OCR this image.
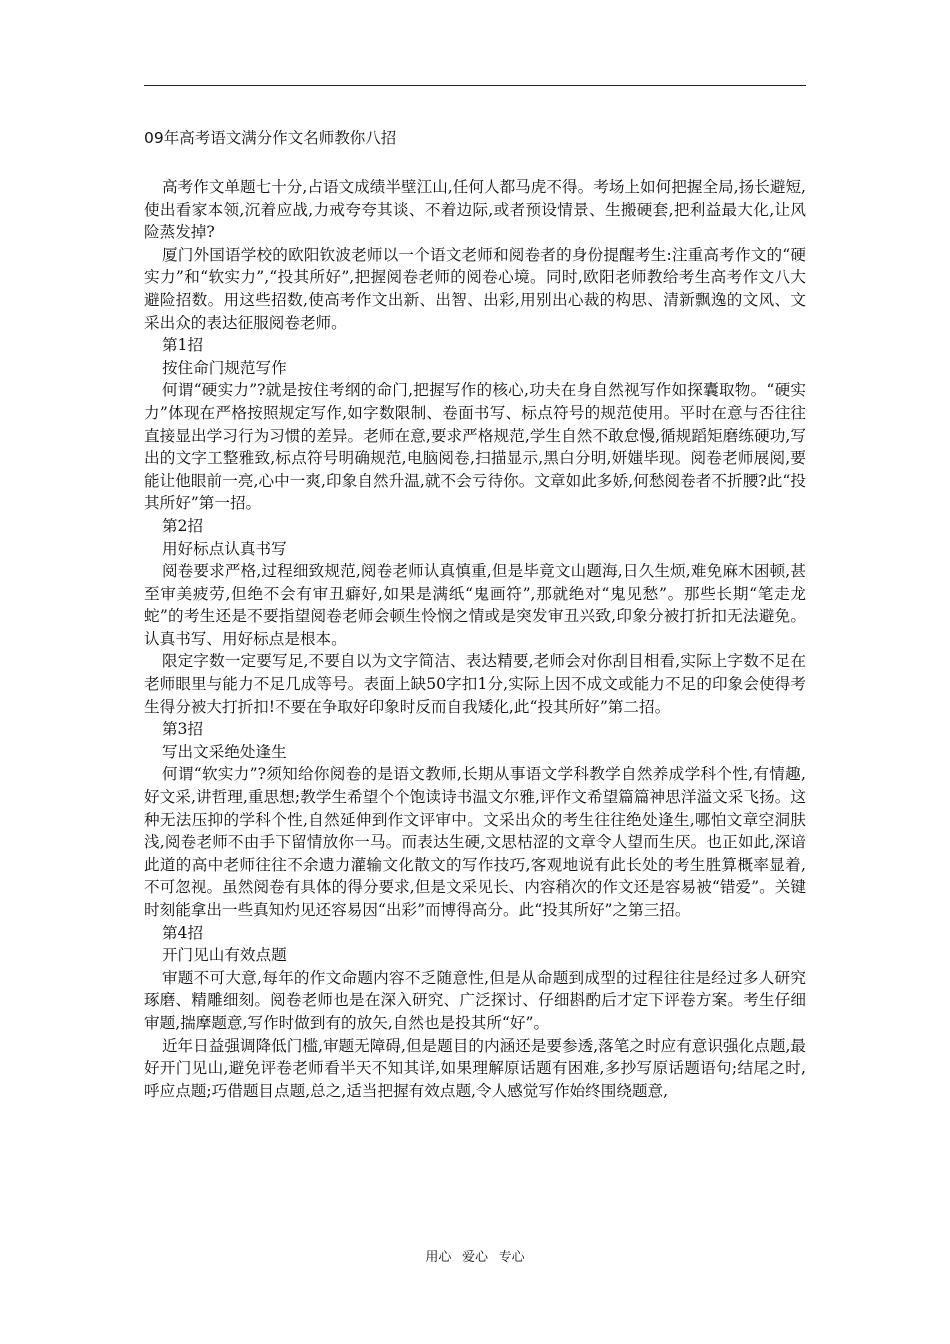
09年高考语文满分作文名师教你八招

高考作文单题七十分,占语文成绩半壁江山,任何人都马虎不得。考场上如何把握全局,扬长避短,使出看家本领,沉着应战,力戒夸夸其谈、不着边际,或者预设情景、生搬硬套,把利益最大化,让风险蒸发掉?

厦门外国语学校的欧阳钦波老师以一个语文老师和阅卷者的身份提醒考生:注重高考作文的“硬实力”和“软实力”,“投其所好”,把握阅卷老师的阅卷心境。同时,欧阳老师教给考生高考作文八大避险招数。用这些招数,使高考作文出新、出智、出彩,用别出心裁的构思、清新飘逸的文风、文采出众的表达征服阅卷老师。

第1招

按住命门规范写作

何谓“硬实力”?就是按住考纲的命门,把握写作的核心,功夫在身自然视写作如探囊取物。“硬实力”体现在严格按照规定写作,如字数限制、卷面书写、标点符号的规范使用。平时在意与否往往直接显出学习行为习惯的差异。老师在意,要求严格规范,学生自然不敢怠慢,循规蹈矩磨练硬功,写出的文字工整雅致,标点符号明确规范,电脑阅卷,扫描显示,黑白分明,妍媸毕现。阅卷老师展阅,要能让他眼前一亮,心中一爽,印象自然升温,就不会亏待你。文章如此多娇,何愁阅卷者不折腰?此“投其所好”第一招。

第2招

用好标点认真书写

阅卷要求严格,过程细致规范,阅卷老师认真慎重,但是毕竟文山题海,日久生烦,难免麻木困顿,甚至审美疲劳,但绝不会有审丑癖好,如果是满纸“鬼画符”,那就绝对“鬼见愁”。那些长期“笔走龙蛇”的考生还是不要指望阅卷老师会顿生怜悯之情或是突发审丑兴致,印象分被打折扣无法避免。认真书写、用好标点是根本。

限定字数一定要写足,不要自以为文字简洁、表达精要,老师会对你刮目相看,实际上字数不足在老师眼里与能力不足几成等号。表面上缺50字扣1分,实际上因不成文或能力不足的印象会使得考生得分被大打折扣!不要在争取好印象时反而自我矮化,此“投其所好”第二招。

第3招

写出文采绝处逢生

何谓“软实力”?须知给你阅卷的是语文教师,长期从事语文学科教学自然养成学科个性,有情趣,好文采,讲哲理,重思想;教学生希望个个饱读诗书温文尔雅,评作文希望篇篇神思洋溢文采飞扬。这种无法压抑的学科个性,自然延伸到作文评审中。文采出众的考生往往绝处逢生,哪怕文章空洞肤浅,阅卷老师不由手下留情放你一马。而表达生硬,文思枯涩的文章令人望而生厌。也正如此,深谙此道的高中老师往往不余遗力灌输文化散文的写作技巧,客观地说有此长处的考生胜算概率显着,不可忽视。虽然阅卷有具体的得分要求,但是文采见长、内容稍次的作文还是容易被“错爱”。关键时刻能拿出一些真知灼见还容易因“出彩”而博得高分。此“投其所好”之第三招。

第4招

开门见山有效点题

审题不可大意,每年的作文命题内容不乏随意性,但是从命题到成型的过程往往是经过多人研究琢磨、精雕细刻。阅卷老师也是在深入研究、广泛探讨、仔细斟酌后才定下评卷方案。考生仔细审题,揣摩题意,写作时做到有的放矢,自然也是投其所“好”。

近年日益强调降低门槛,审题无障碍,但是题目的内涵还是要参透,落笔之时应有意识强化点题,最好开门见山,避免评卷老师看半天不知其详,如果理解原话题有困难,多抄写原话题语句;结尾之时,呼应点题;巧借题目点题,总之,适当把握有效点题,令人感觉写作始终围绕题意,

用心 爱心 专心
